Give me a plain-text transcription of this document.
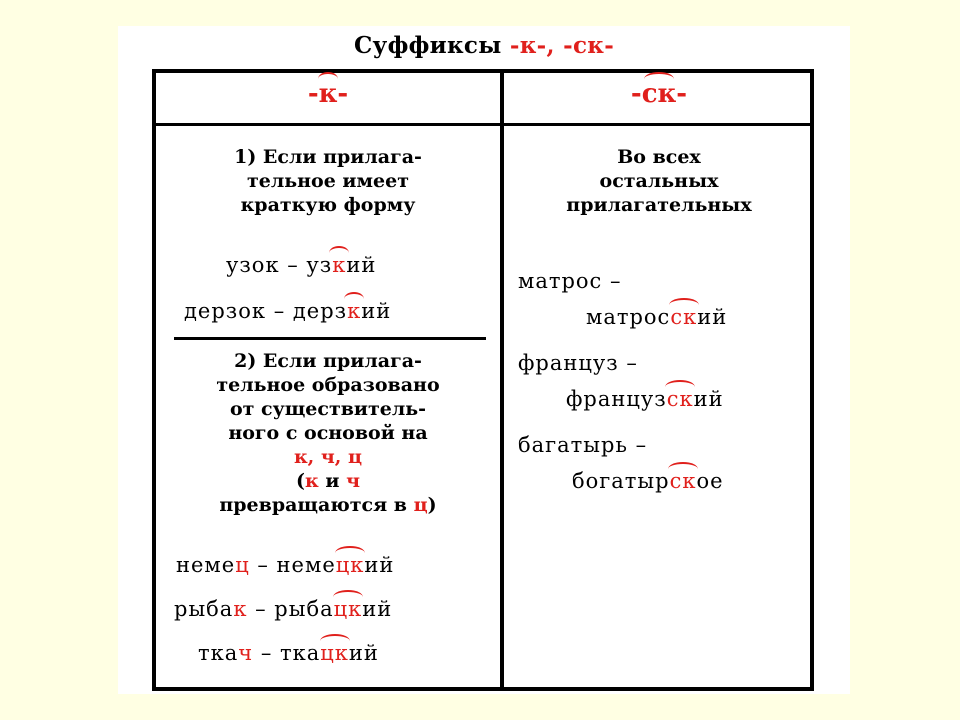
Суффиксы -к-, -ск-
-к-	-ск-
1) Если прилага-
тельное имеет
краткую форму
узок – узкий
дерзок – дерзкий
2) Если прилага-
тельное образовано
от существитель-
ного с основой на
к, ч, ц
(к и ч
превращаются в ц)
немец – немецкий
рыбак – рыбацкий
ткач – ткацкий
Во всех
остальных
прилагательных
матрос –
матросский
француз –
французский
багатырь –
богатырское
